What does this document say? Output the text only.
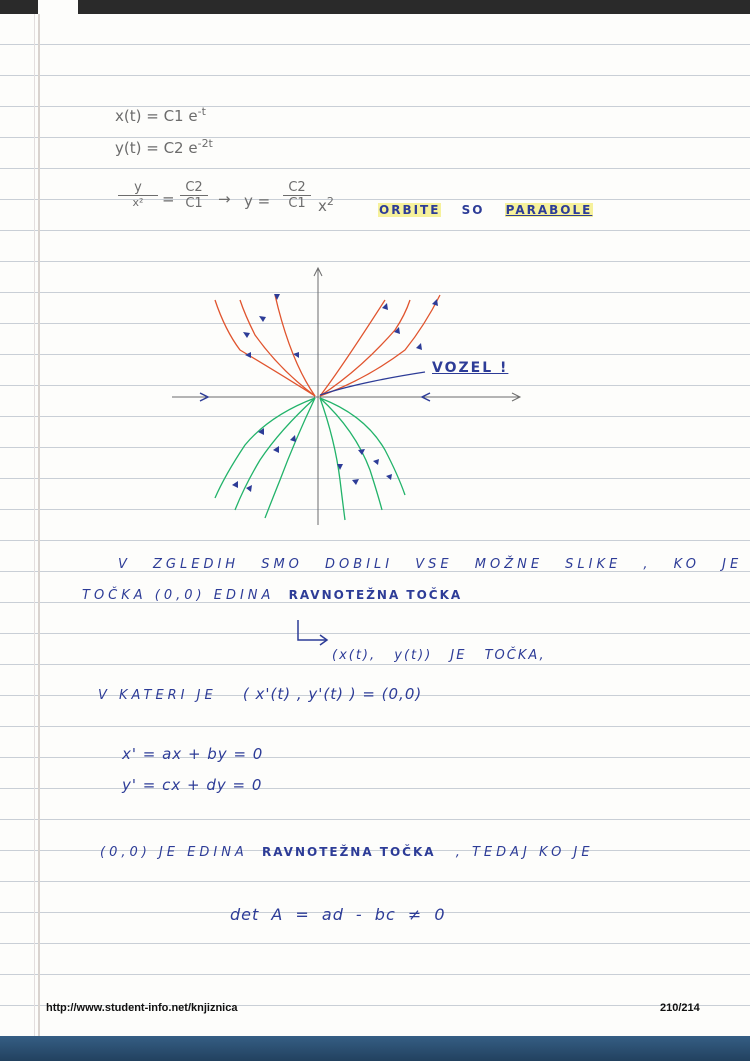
x(t) = C1 $e^{-t}$
y(t) = C2 $e^{-2t}$
y
x²	=
C2
C1	→ y =
C2
C1 $x^2$
ORBITE SO PARABOLE
VOZEL !
V ZGLEDIH SMO DOBILI VSE MOŽNE SLIKE , KO JE
TOČKA (0,0) EDINA RAVNOTEŽNA TOČKA
(x(t), y(t)) JE TOČKA,
V KATERI JE ( x'(t) , y'(t) ) = (0,0)
x' = ax + by = 0
y' = cx + dy = 0
(0,0) JE EDINA RAVNOTEŽNA TOČKA , TEDAJ KO JE
det A = ad - bc ≠ 0
http://www.student-info.net/knjiznica	210/214
